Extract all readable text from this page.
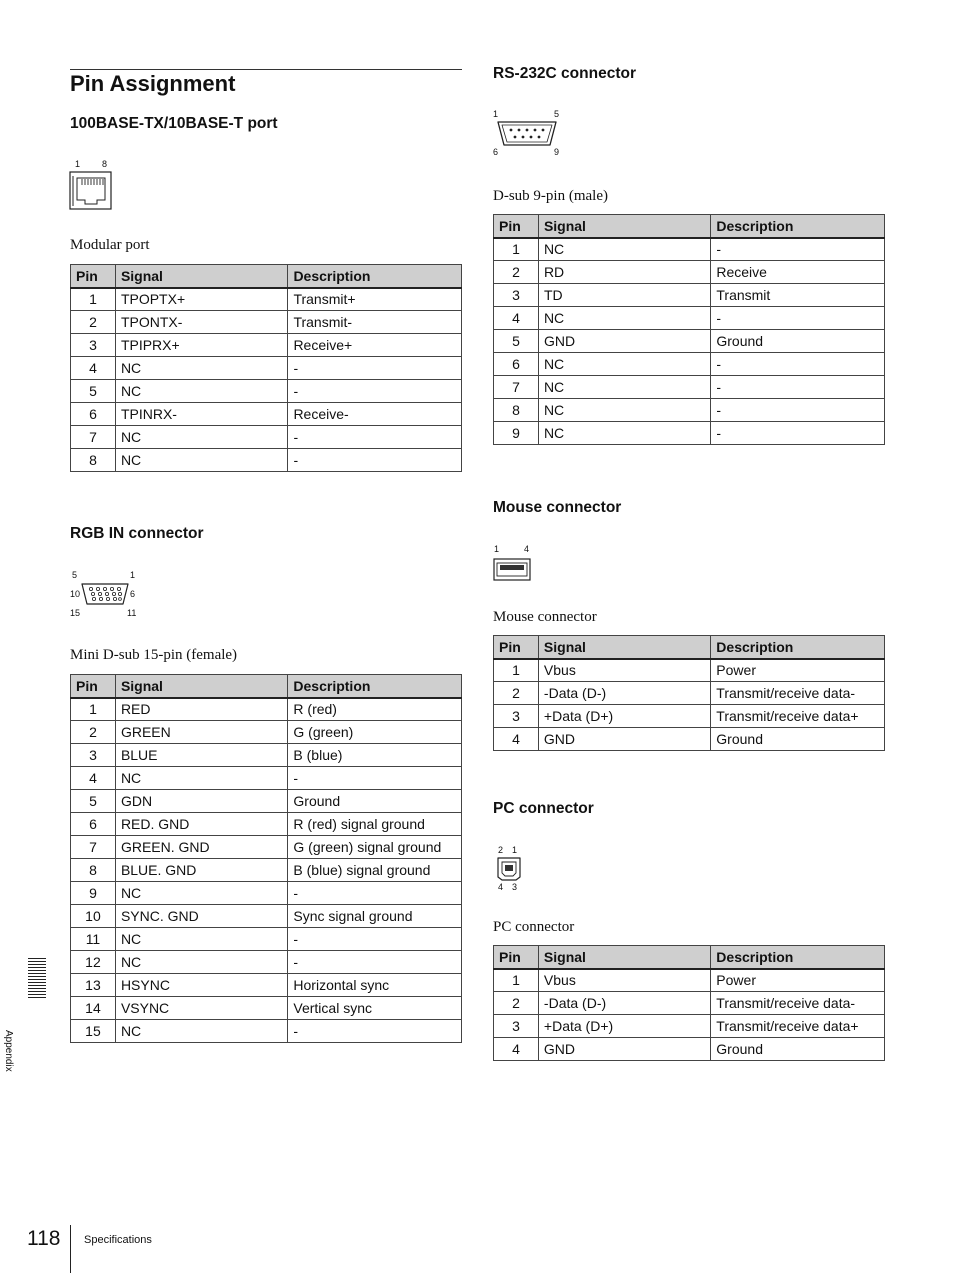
Pin Assignment
100BASE-TX/10BASE-T port
1 8
Modular port
Pin	Signal	Description
1	TPOPTX+	Transmit+
2	TPONTX-	Transmit-
3	TPIPRX+	Receive+
4	NC	-
5	NC	-
6	TPINRX-	Receive-
7	NC	-
8	NC	-
RGB IN connector
5	1
10	6
15	11
Mini D-sub 15-pin (female)
Pin	Signal	Description
1	RED	R (red)
2	GREEN	G (green)
3	BLUE	B (blue)
4	NC	-
5	GDN	Ground
6	RED. GND	R (red) signal ground
7	GREEN. GND	G (green) signal ground
8	BLUE. GND	B (blue) signal ground
9	NC	-
10	SYNC. GND	Sync signal ground
11	NC	-
12	NC	-
13	HSYNC	Horizontal sync
14	VSYNC	Vertical sync
15	NC	-
RS-232C connector
1	5
6	9
D-sub 9-pin (male)
Pin	Signal	Description
1	NC	-
2	RD	Receive
3	TD	Transmit
4	NC	-
5	GND	Ground
6	NC	-
7	NC	-
8	NC	-
9	NC	-
Mouse connector
1	4
Mouse connector
Pin	Signal	Description
1	Vbus	Power
2	-Data (D-)	Transmit/receive data-
3	+Data (D+)	Transmit/receive data+
4	GND	Ground
PC connector
2 1
4 3
PC connector
Pin	Signal	Description
1	Vbus	Power
2	-Data (D-)	Transmit/receive data-
3	+Data (D+)	Transmit/receive data+
4	GND	Ground
Appendix
118 Specifications
